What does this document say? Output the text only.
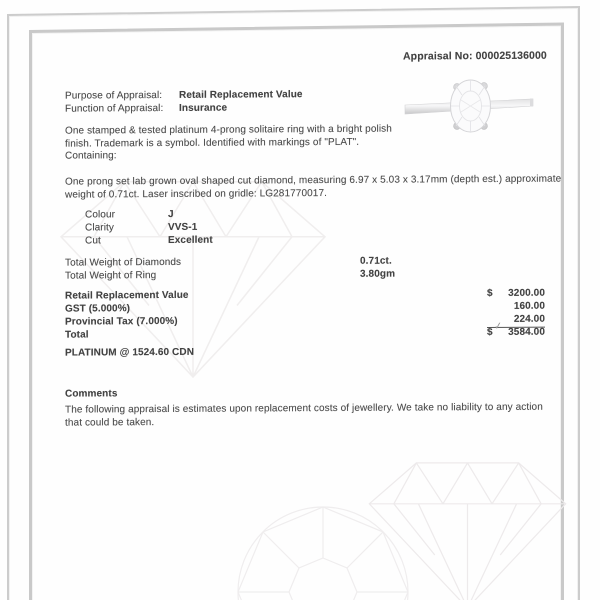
Appraisal No: 000025136000
Purpose of Appraisal: Retail Replacement Value
Function of Appraisal: Insurance
One stamped & tested platinum 4-prong solitaire ring with a bright polish finish. Trademark is a symbol. Identified with markings of "PLAT". Containing:
One prong set lab grown oval shaped cut diamond, measuring 6.97 x 5.03 x 3.17mm (depth est.) approximate weight of 0.71ct. Laser inscribed on gridle: LG281770017.
Colour	J
Clarity	VVS-1
Cut	Excellent
Total Weight of Diamonds	0.71ct.
Total Weight of Ring	3.80gm
Retail Replacement Value	$	3200.00
GST (5.000%)	160.00
Provincial Tax (7.000%)	224.00
Total	$	3584.00
✓
PLATINUM @ 1524.60 CDN
Comments
The following appraisal is estimates upon replacement costs of jewellery. We take no liability to any action that could be taken.
